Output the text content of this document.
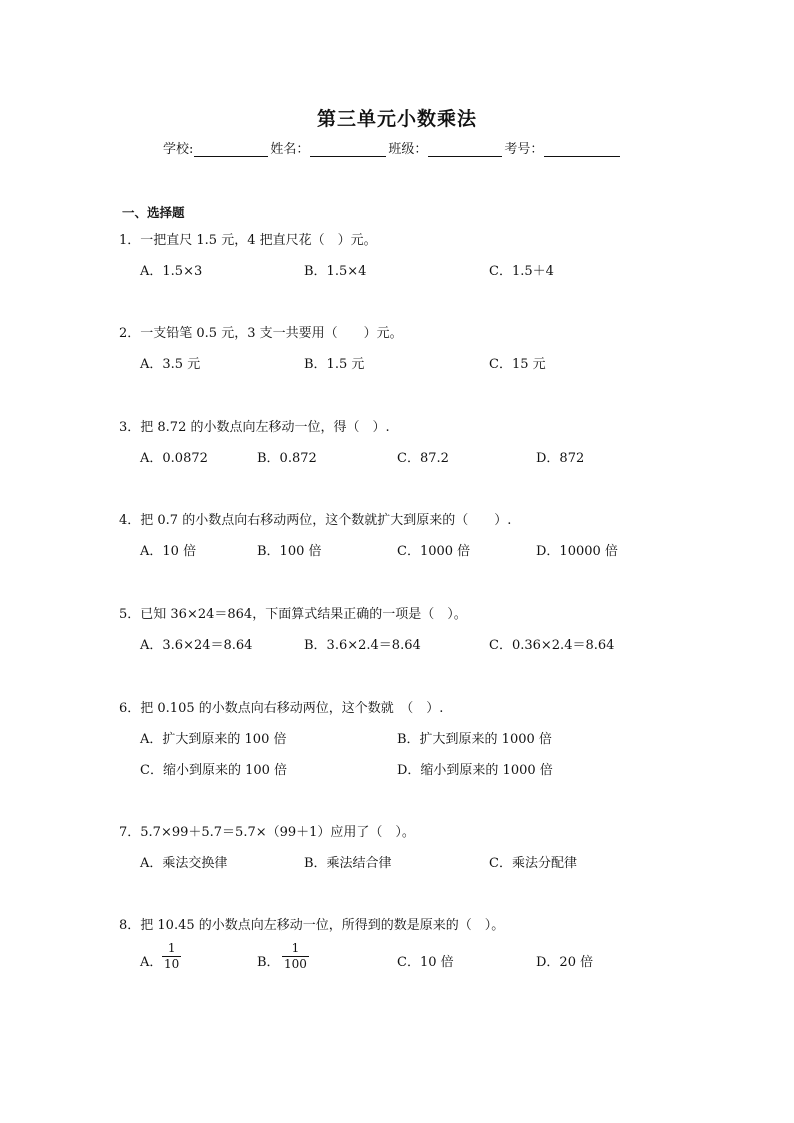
第三单元小数乘法
学校:	姓名：	班级：	考号：
一、选择题
1．一把直尺 1.5 元，4 把直尺花（　）元。
A．1.5×3	B．1.5×4	C．1.5＋4
2．一支铅笔 0.5 元，3 支一共要用（　　）元。
A．3.5 元	B．1.5 元	C．15 元
3．把 8.72 的小数点向左移动一位，得（　）.
A．0.0872	B．0.872	C．87.2	D．872
4．把 0.7 的小数点向右移动两位，这个数就扩大到原来的（　　）.
A．10 倍	B．100 倍	C．1000 倍	D．10000 倍
5．已知 36×24＝864，下面算式结果正确的一项是（　）。
A．3.6×24＝8.64	B．3.6×2.4＝8.64	C．0.36×2.4＝8.64
6．把 0.105 的小数点向右移动两位，这个数就　（　）.
A．扩大到原来的 100 倍	B．扩大到原来的 1000 倍
C．缩小到原来的 100 倍	D．缩小到原来的 1000 倍
7．5.7×99＋5.7＝5.7×（99＋1）应用了（　）。
A．乘法交换律	B．乘法结合律	C．乘法分配律
8．把 10.45 的小数点向左移动一位，所得到的数是原来的（　）。
A． $\frac{1}{10}$	B． $\frac{1}{100}$	C．10 倍	D．20 倍
